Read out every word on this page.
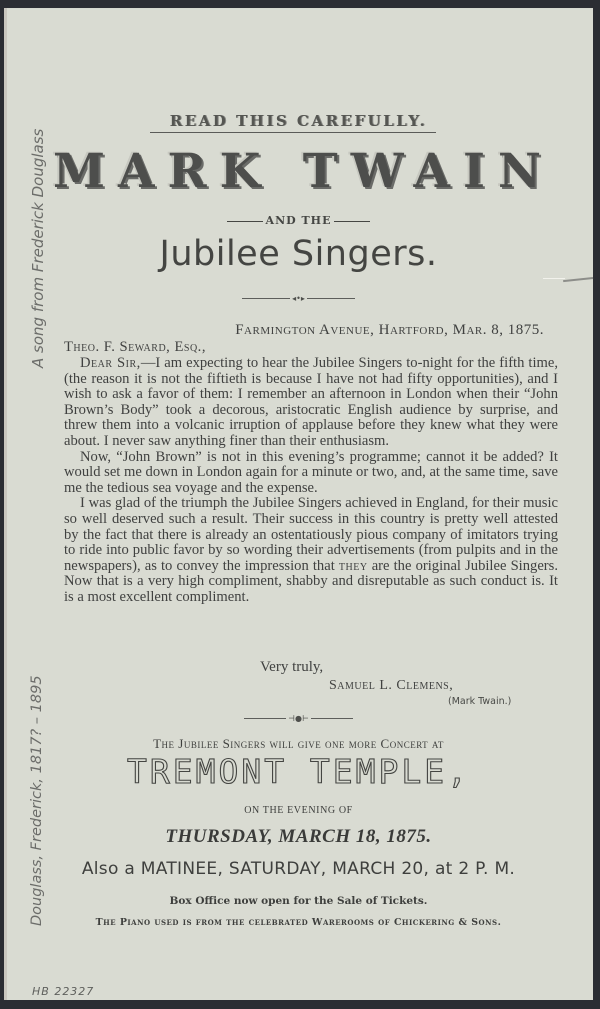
READ THIS CAREFULLY.
MARK TWAIN
AND THE
Jubilee Singers.
◂•▸
Farmington Avenue, Hartford, Mar. 8, 1875.
Theo. F. Seward, Esq.,

Dear Sir,—I am expecting to hear the Jubilee Singers to-night for the fifth time, (the reason it is not the fiftieth is because I have not had fifty opportunities), and I wish to ask a favor of them: I remember an afternoon in London when their “John Brown’s Body” took a decorous, aristocratic English audience by surprise, and threw them into a volcanic irruption of applause before they knew what they were about. I never saw anything finer than their enthusiasm.

Now, “John Brown” is not in this evening’s programme; cannot it be added? It would set me down in London again for a minute or two, and, at the same time, save me the tedious sea voyage and the expense.

I was glad of the triumph the Jubilee Singers achieved in England, for their music so well deserved such a result. Their success in this country is pretty well attested by the fact that there is already an ostentatiously pious company of imitators trying to ride into public favor by so wording their advertisements (from pulpits and in the newspapers), as to convey the impression that they are the original Jubilee Singers. Now that is a very high compliment, shabby and disreputable as such conduct is. It is a most excellent compliment.

Very truly,
Samuel L. Clemens,
(Mark Twain.)
⊣●⊢
The Jubilee Singers will give one more Concert at
TREMONT TEMPLE,
ON THE EVENING OF
THURSDAY, MARCH 18, 1875.
Also a MATINEE, SATURDAY, MARCH 20, at 2 P. M.
Box Office now open for the Sale of Tickets.
The Piano used is from the celebrated Warerooms of Chickering & Sons.
A song from Frederick Douglass
Douglass, Frederick, 1817? – 1895
HB 22327
